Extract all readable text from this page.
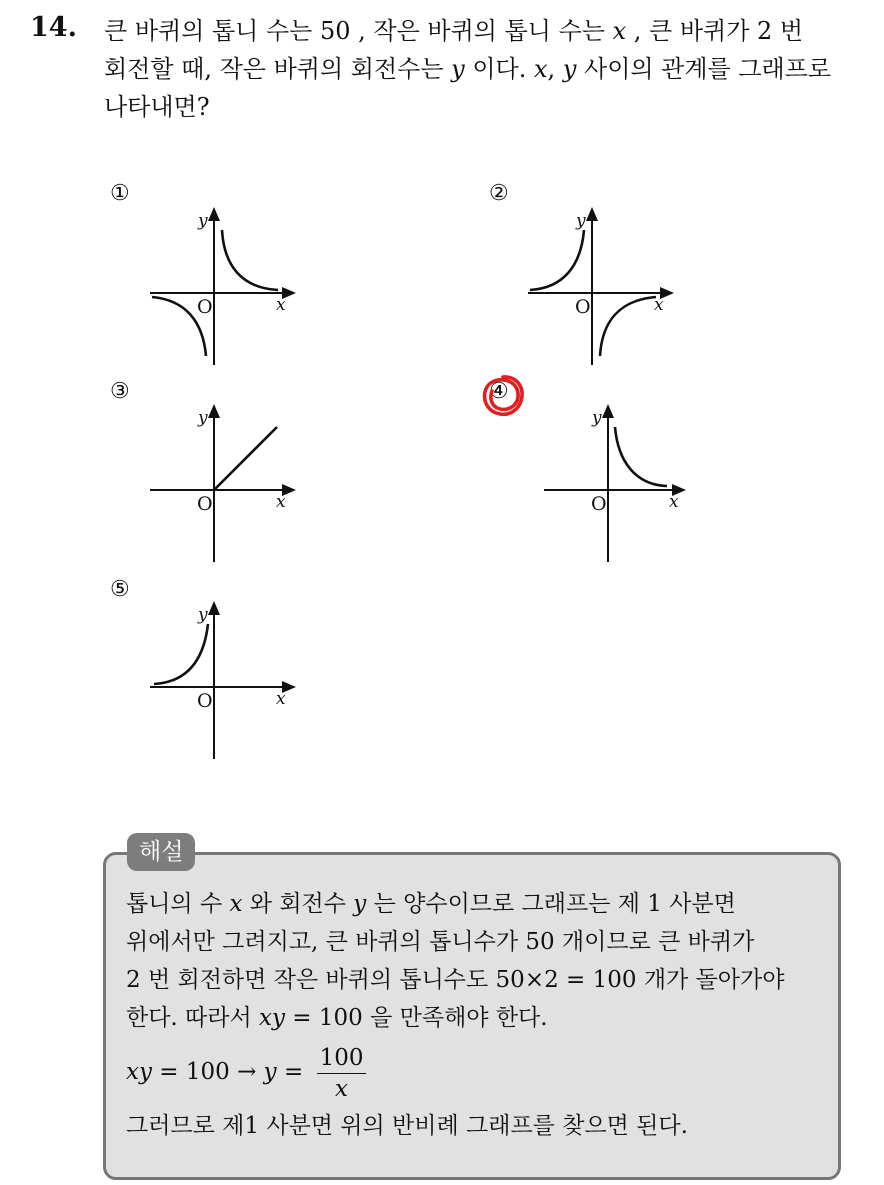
14. 큰 바퀴의 톱니 수는 50 , 작은 바퀴의 톱니 수는 x , 큰 바퀴가 2 번
회전할 때, 작은 바퀴의 회전수는 y 이다. x, y 사이의 관계를 그래프로
나타내면?
①	②
③	④
⑤
x
y
O	x
y
O
x
y
O	x
y
O
x
y
O
해설
톱니의 수 x 와 회전수 y 는 양수이므로 그래프는 제 1 사분면
위에서만 그려지고, 큰 바퀴의 톱니수가 50 개이므로 큰 바퀴가
2 번 회전하면 작은 바퀴의 톱니수도 50×2 = 100 개가 돌아가야
한다. 따라서 xy = 100 을 만족해야 한다.
xy = $100 \to y = \frac{100}{x}$
그러므로 제1 사분면 위의 반비례 그래프를 찾으면 된다.
